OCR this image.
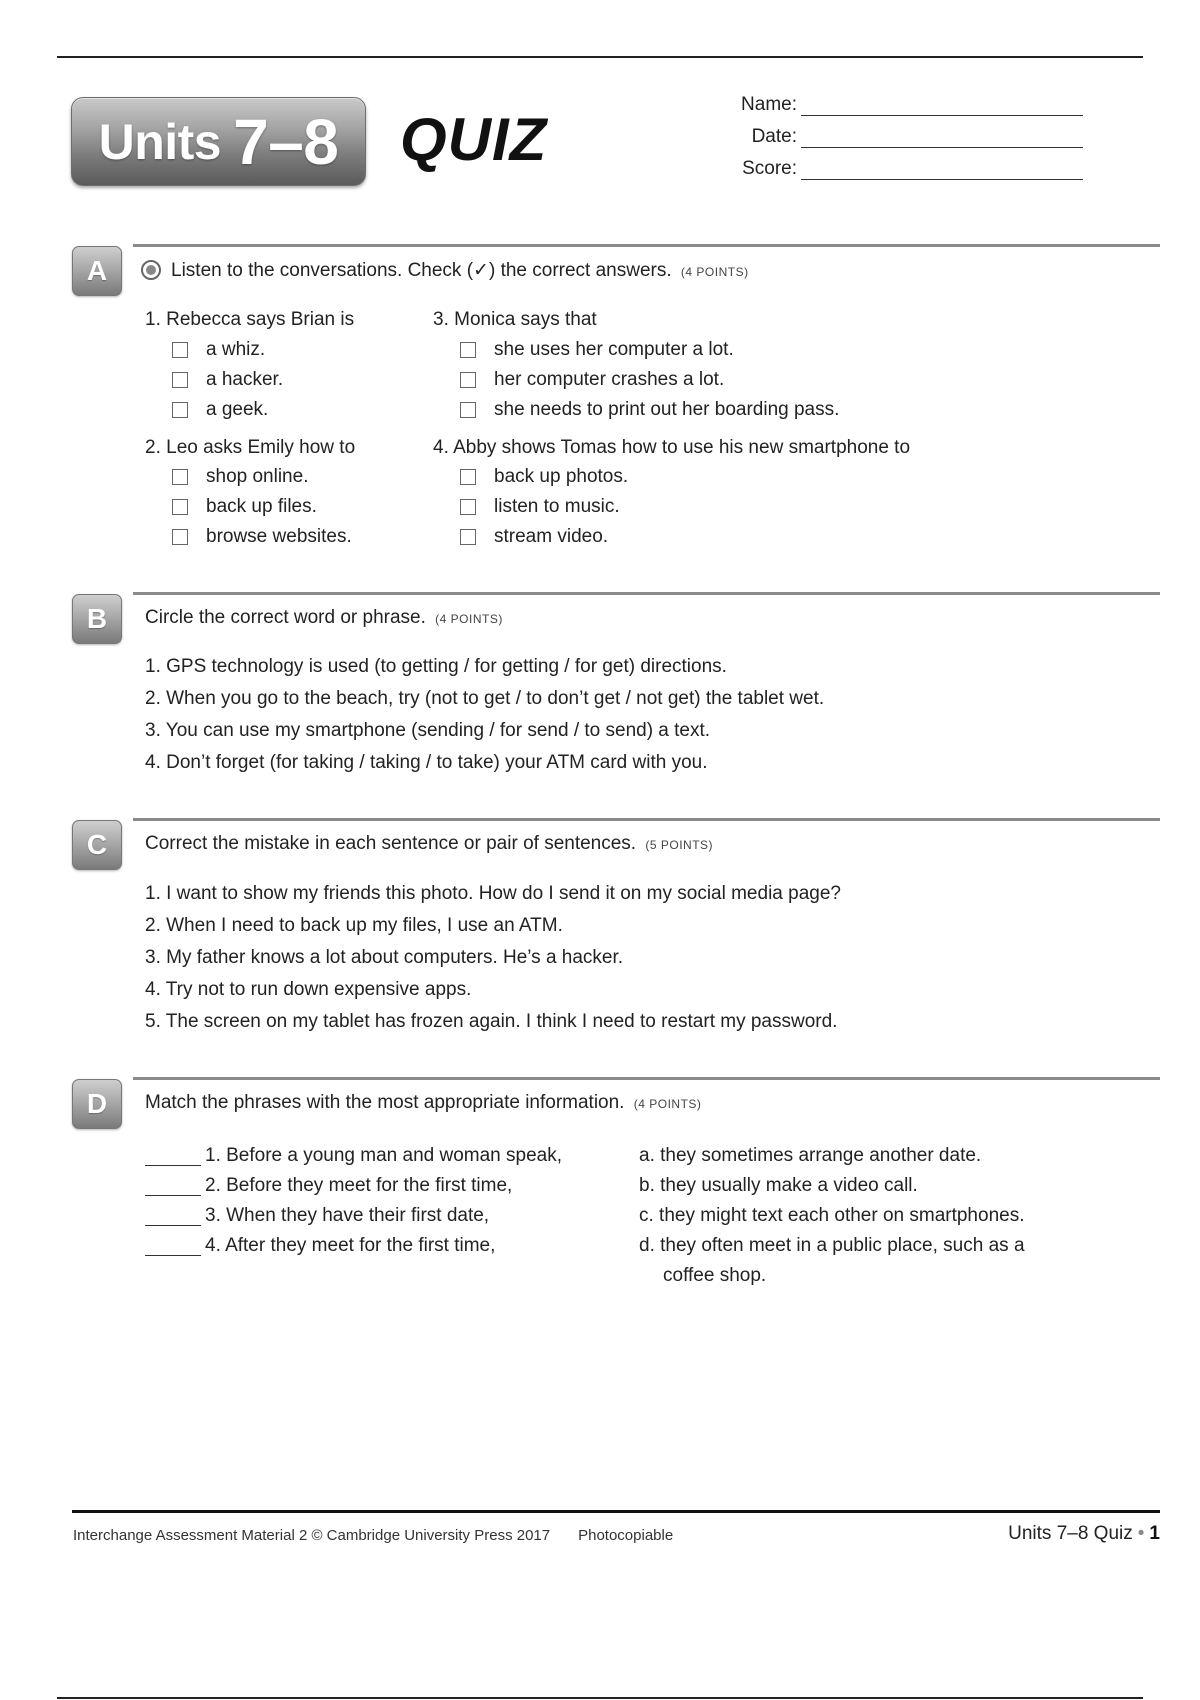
Units 7–8 QUIZ
Name:
Date:
Score:
A	Listen to the conversations. Check (✓) the correct answers. (4 POINTS)
1. Rebecca says Brian is
a whiz.
a hacker.
a geek.
2. Leo asks Emily how to
shop online.
back up files.
browse websites.
3. Monica says that
she uses her computer a lot.
her computer crashes a lot.
she needs to print out her boarding pass.
4. Abby shows Tomas how to use his new smartphone to
back up photos.
listen to music.
stream video.
B	Circle the correct word or phrase. (4 POINTS)
1. GPS technology is used (to getting / for getting / for get) directions.
2. When you go to the beach, try (not to get / to don’t get / not get) the tablet wet.
3. You can use my smartphone (sending / for send / to send) a text.
4. Don’t forget (for taking / taking / to take) your ATM card with you.
C	Correct the mistake in each sentence or pair of sentences. (5 POINTS)
1. I want to show my friends this photo. How do I send it on my social media page?
2. When I need to back up my files, I use an ATM.
3. My father knows a lot about computers. He’s a hacker.
4. Try not to run down expensive apps.
5. The screen on my tablet has frozen again. I think I need to restart my password.
D	Match the phrases with the most appropriate information. (4 POINTS)
1. Before a young man and woman speak,
2. Before they meet for the first time,
3. When they have their first date,
4. After they meet for the first time,
a. they sometimes arrange another date.
b. they usually make a video call.
c. they might text each other on smartphones.
d. they often meet in a public place, such as a
coffee shop.
Interchange Assessment Material 2 © Cambridge University Press 2017 Photocopiable	Units 7–8 Quiz • 1
